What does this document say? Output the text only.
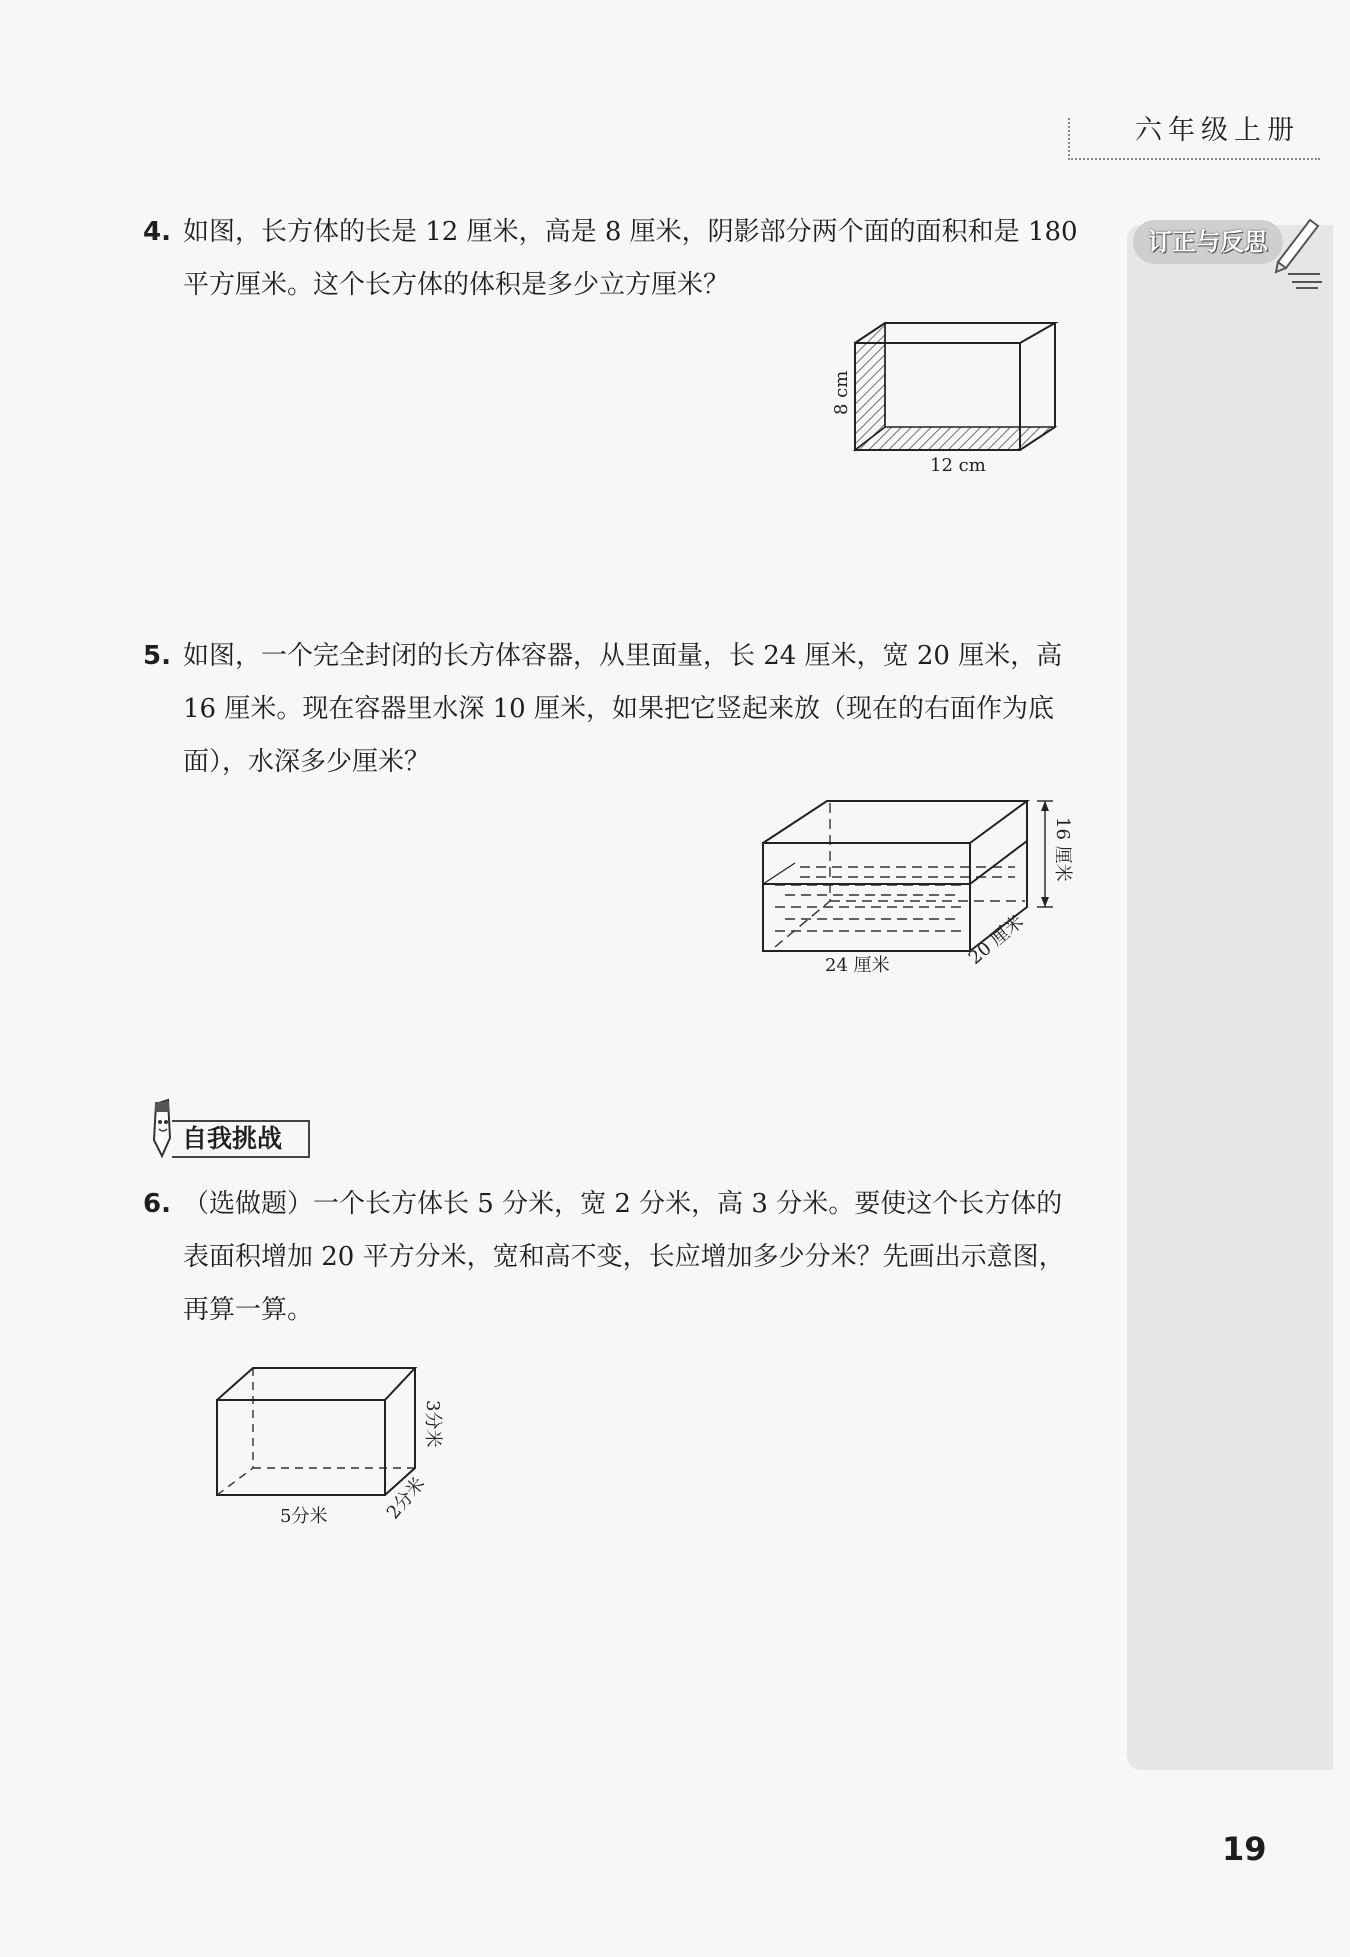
六年级上册
订正与反思
4. 如图，长方体的长是 12 厘米，高是 8 厘米，阴影部分两个面的面积和是 180 平方厘米。这个长方体的体积是多少立方厘米？
8 cm
12 cm
5. 如图，一个完全封闭的长方体容器，从里面量，长 24 厘米，宽 20 厘米，高 16 厘米。现在容器里水深 10 厘米，如果把它竖起来放（现在的右面作为底面），水深多少厘米？
16 厘米
24 厘米	20 厘米
自我挑战
6. （选做题）一个长方体长 5 分米，宽 2 分米，高 3 分米。要使这个长方体的表面积增加 20 平方分米，宽和高不变，长应增加多少分米？先画出示意图，再算一算。
3分米
5分米	2分米
19
